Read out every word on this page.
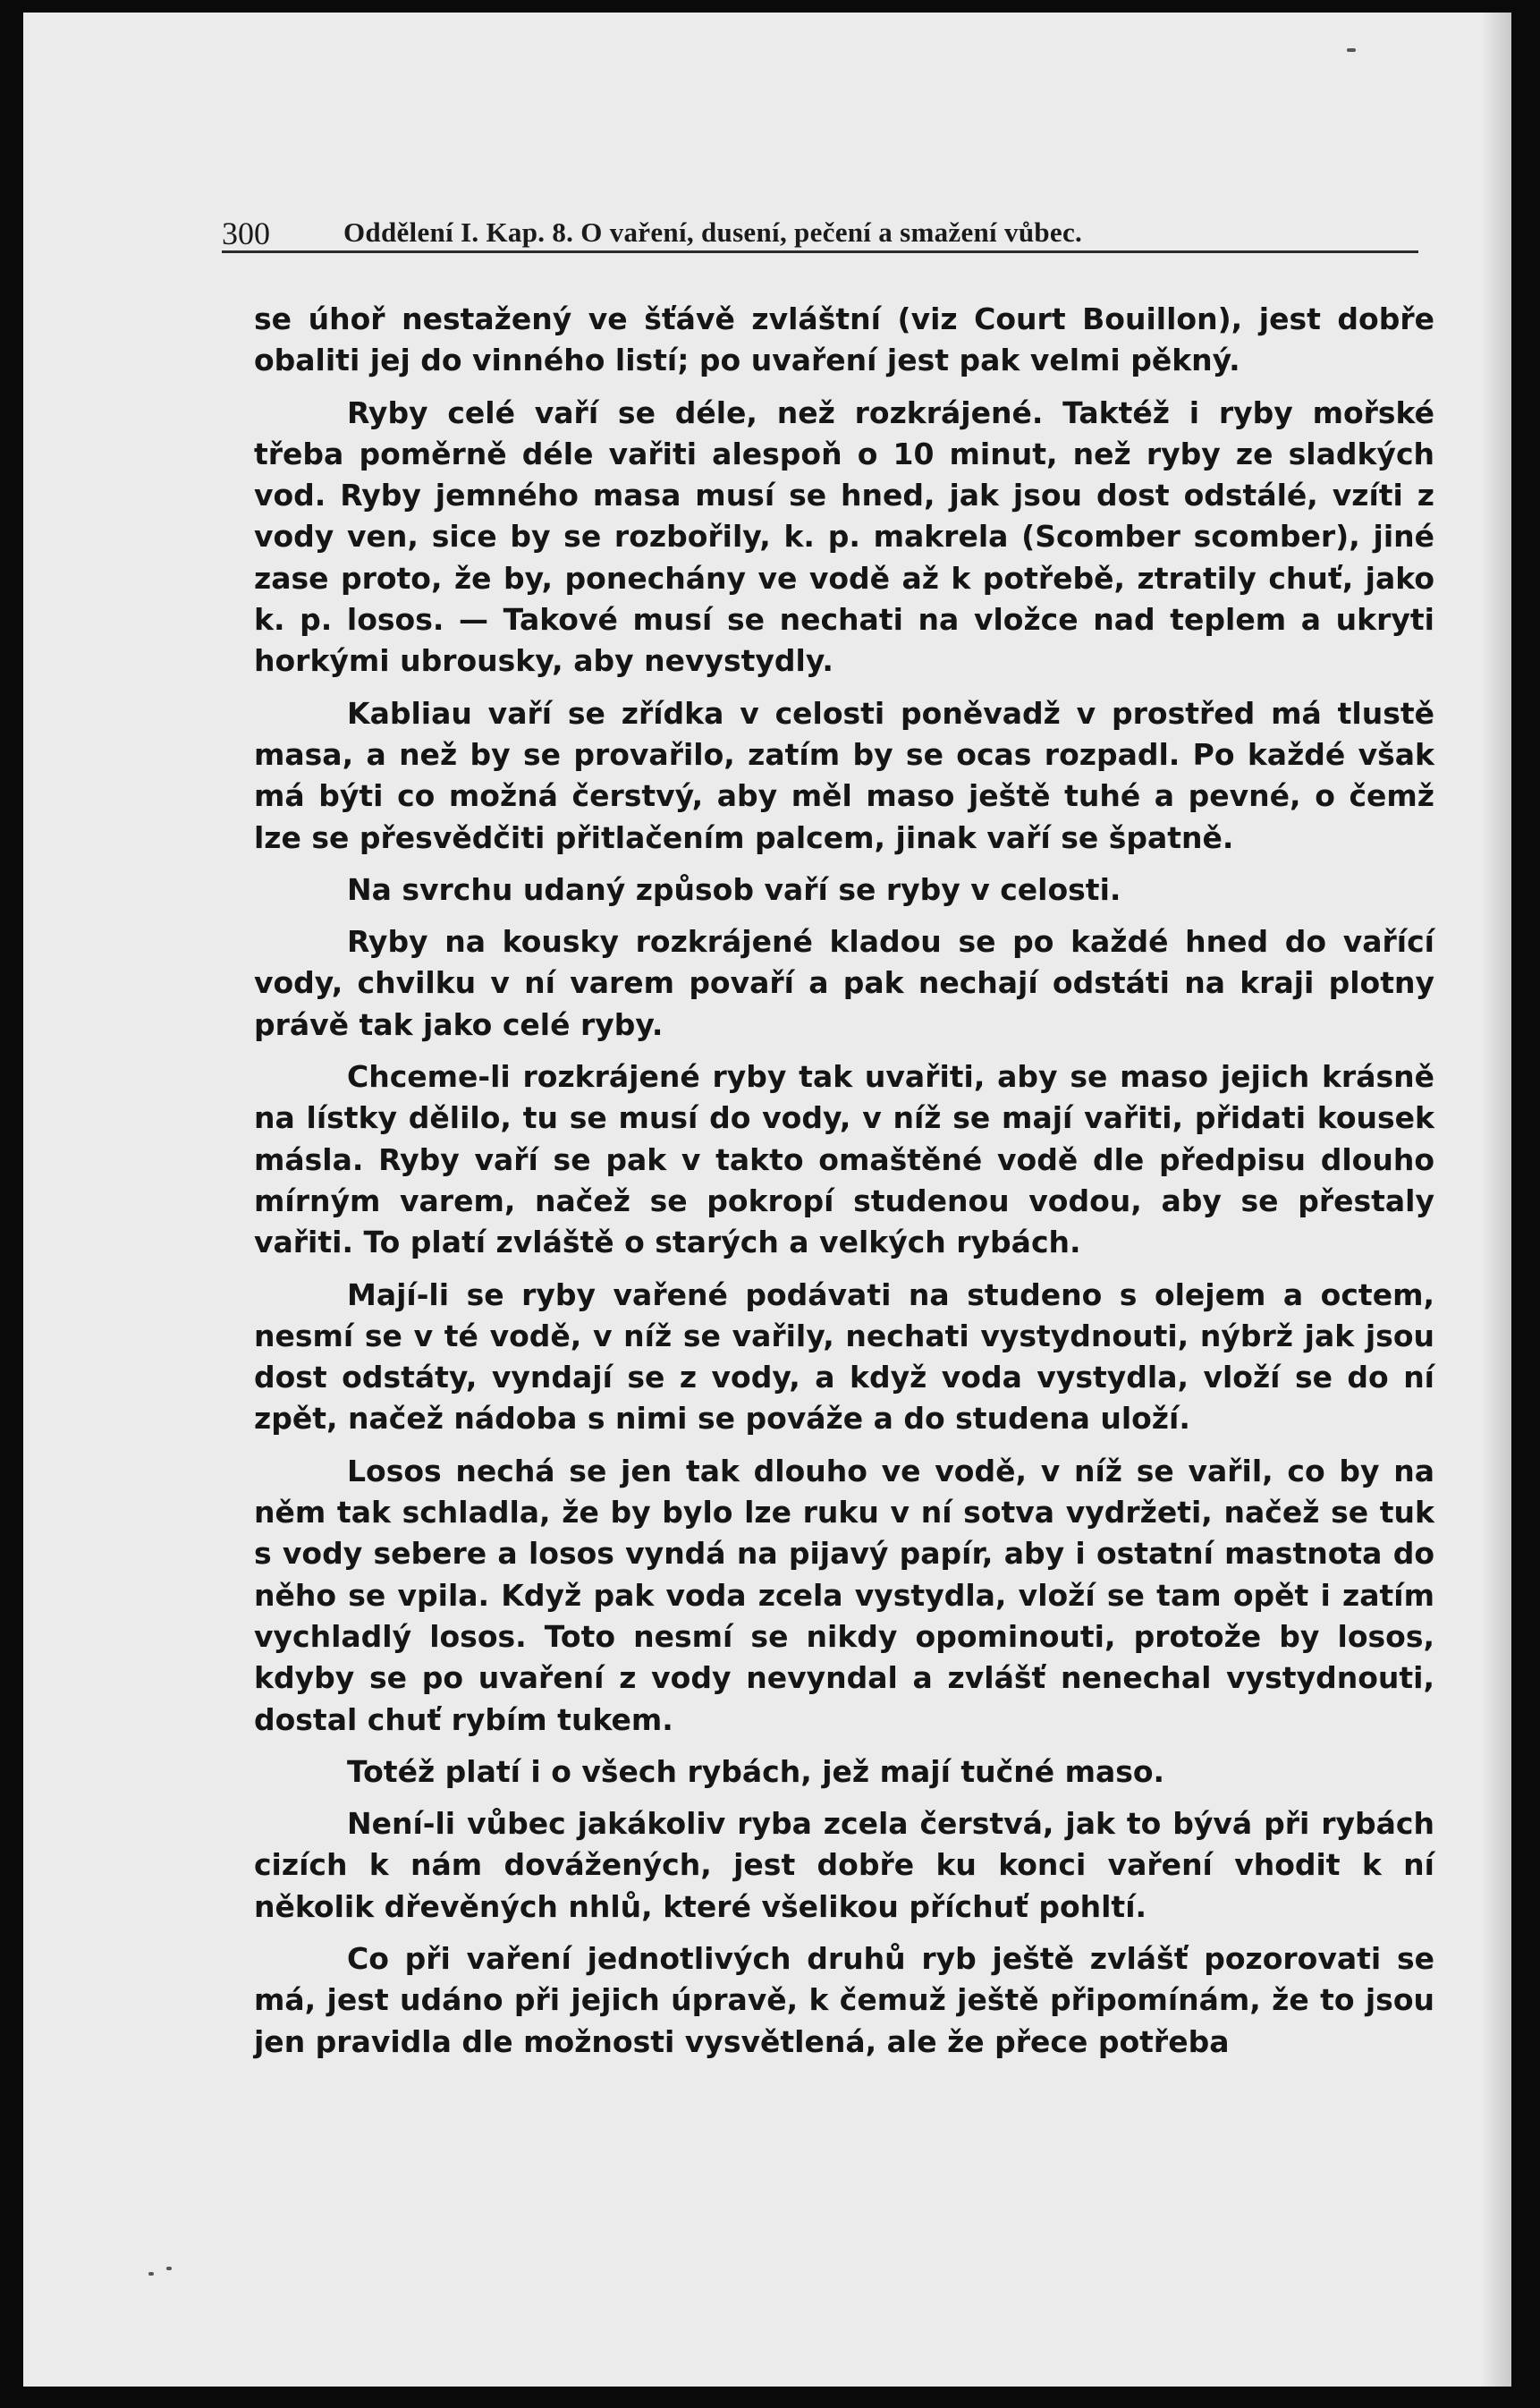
300	Oddělení I. Kap. 8. O vaření, dusení, pečení a smažení vůbec.

se úhoř nestažený ve šťávě zvláštní (viz Court Bouillon), jest dobře obaliti jej do vinného listí; po uvaření jest pak velmi pěkný.

Ryby celé vaří se déle, než rozkrájené. Taktéž i ryby mořské třeba poměrně déle vařiti alespoň o 10 minut, než ryby ze sladkých vod. Ryby jemného masa musí se hned, jak jsou dost odstálé, vzíti z vody ven, sice by se rozbořily, k. p. makrela (Scomber scomber), jiné zase proto, že by, ponechány ve vodě až k potřebě, ztratily chuť, jako k. p. losos. — Takové musí se nechati na vložce nad teplem a ukryti horkými ubrousky, aby nevystydly.

Kabliau vaří se zřídka v celosti poněvadž v prostřed má tlustě masa, a než by se provařilo, zatím by se ocas rozpadl. Po každé však má býti co možná čerstvý, aby měl maso ještě tuhé a pevné, o čemž lze se přesvědčiti přitlačením palcem, jinak vaří se špatně.

Na svrchu udaný způsob vaří se ryby v celosti.

Ryby na kousky rozkrájené kladou se po každé hned do vařící vody, chvilku v ní varem povaří a pak nechají odstáti na kraji plotny právě tak jako celé ryby.

Chceme-li rozkrájené ryby tak uvařiti, aby se maso jejich krásně na lístky dělilo, tu se musí do vody, v níž se mají vařiti, přidati kousek másla. Ryby vaří se pak v takto omaštěné vodě dle předpisu dlouho mírným varem, načež se pokropí studenou vodou, aby se přestaly vařiti. To platí zvláště o starých a velkých rybách.

Mají-li se ryby vařené podávati na studeno s olejem a octem, nesmí se v té vodě, v níž se vařily, nechati vystydnouti, nýbrž jak jsou dost odstáty, vyndají se z vody, a když voda vystydla, vloží se do ní zpět, načež nádoba s nimi se pováže a do studena uloží.

Losos nechá se jen tak dlouho ve vodě, v níž se vařil, co by na něm tak schladla, že by bylo lze ruku v ní sotva vydržeti, načež se tuk s vody sebere a losos vyndá na pijavý papír, aby i ostatní mastnota do něho se vpila. Když pak voda zcela vystydla, vloží se tam opět i zatím vychladlý losos. Toto nesmí se nikdy opominouti, protože by losos, kdyby se po uvaření z vody nevyndal a zvlášť nenechal vystydnouti, dostal chuť rybím tukem.

Totéž platí i o všech rybách, jež mají tučné maso.

Není-li vůbec jakákoliv ryba zcela čerstvá, jak to bývá při rybách cizích k nám dovážených, jest dobře ku konci vaření vhodit k ní několik dřevěných nhlů, které všelikou příchuť pohltí.

Co při vaření jednotlivých druhů ryb ještě zvlášť pozorovati se má, jest udáno při jejich úpravě, k čemuž ještě připomínám, že to jsou jen pravidla dle možnosti vysvětlená, ale že přece potřeba
